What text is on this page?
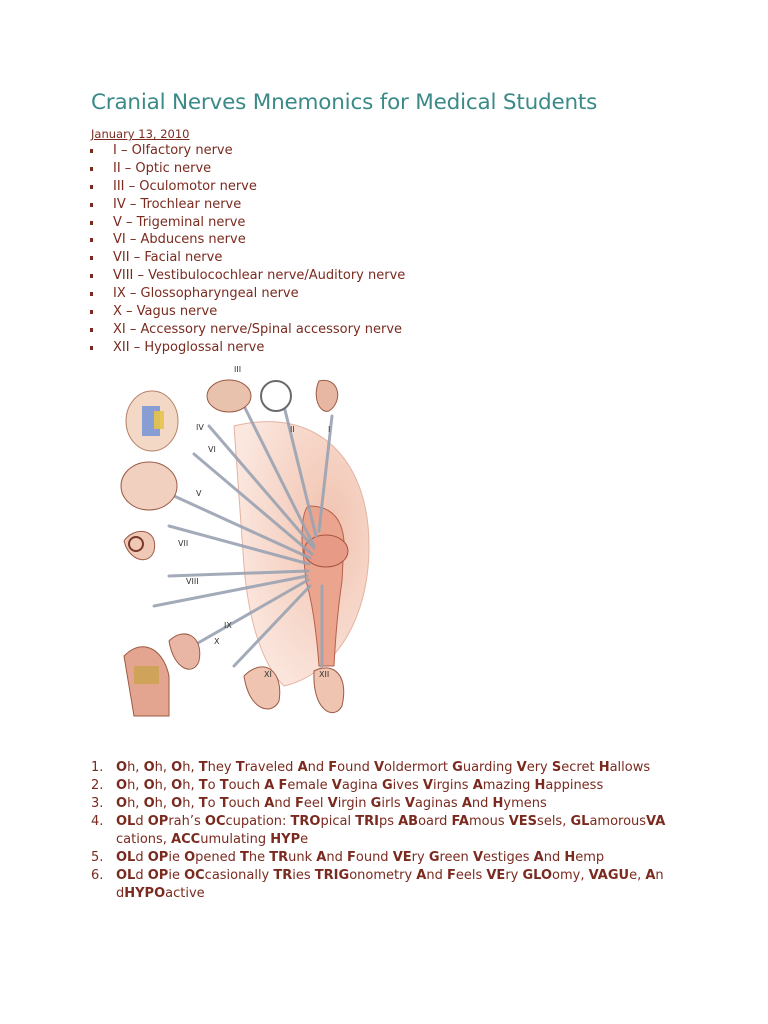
Cranial Nerves Mnemonics for Medical Students
January 13, 2010
I – Olfactory nerve
II – Optic nerve
III – Oculomotor nerve
IV – Trochlear nerve
V – Trigeminal nerve
VI – Abducens nerve
VII – Facial nerve
VIII – Vestibulocochlear nerve/Auditory nerve
IX – Glossopharyngeal nerve
X – Vagus nerve
XI – Accessory nerve/Spinal accessory nerve
XII – Hypoglossal nerve
III
IV	II	I
VI
V
VII
VIII
IX
X
XI	XII
1. Oh, Oh, Oh, They Traveled And Found Voldermort Guarding Very Secret Hallows
2. Oh, Oh, Oh, To Touch A Female Vagina Gives Virgins Amazing Happiness
3. Oh, Oh, Oh, To Touch And Feel Virgin Girls Vaginas And Hymens
4. OLd OPrah’s OCcupation: TROpical TRIps ABoard FAmous VESsels, GLamorousVA
cations, ACCumulating HYPe
5. OLd OPie Opened The TRunk And Found VEry Green Vestiges And Hemp
6. OLd OPie OCcasionally TRies TRIGonometry And Feels VEry GLOomy, VAGUe, An
dHYPOactive
